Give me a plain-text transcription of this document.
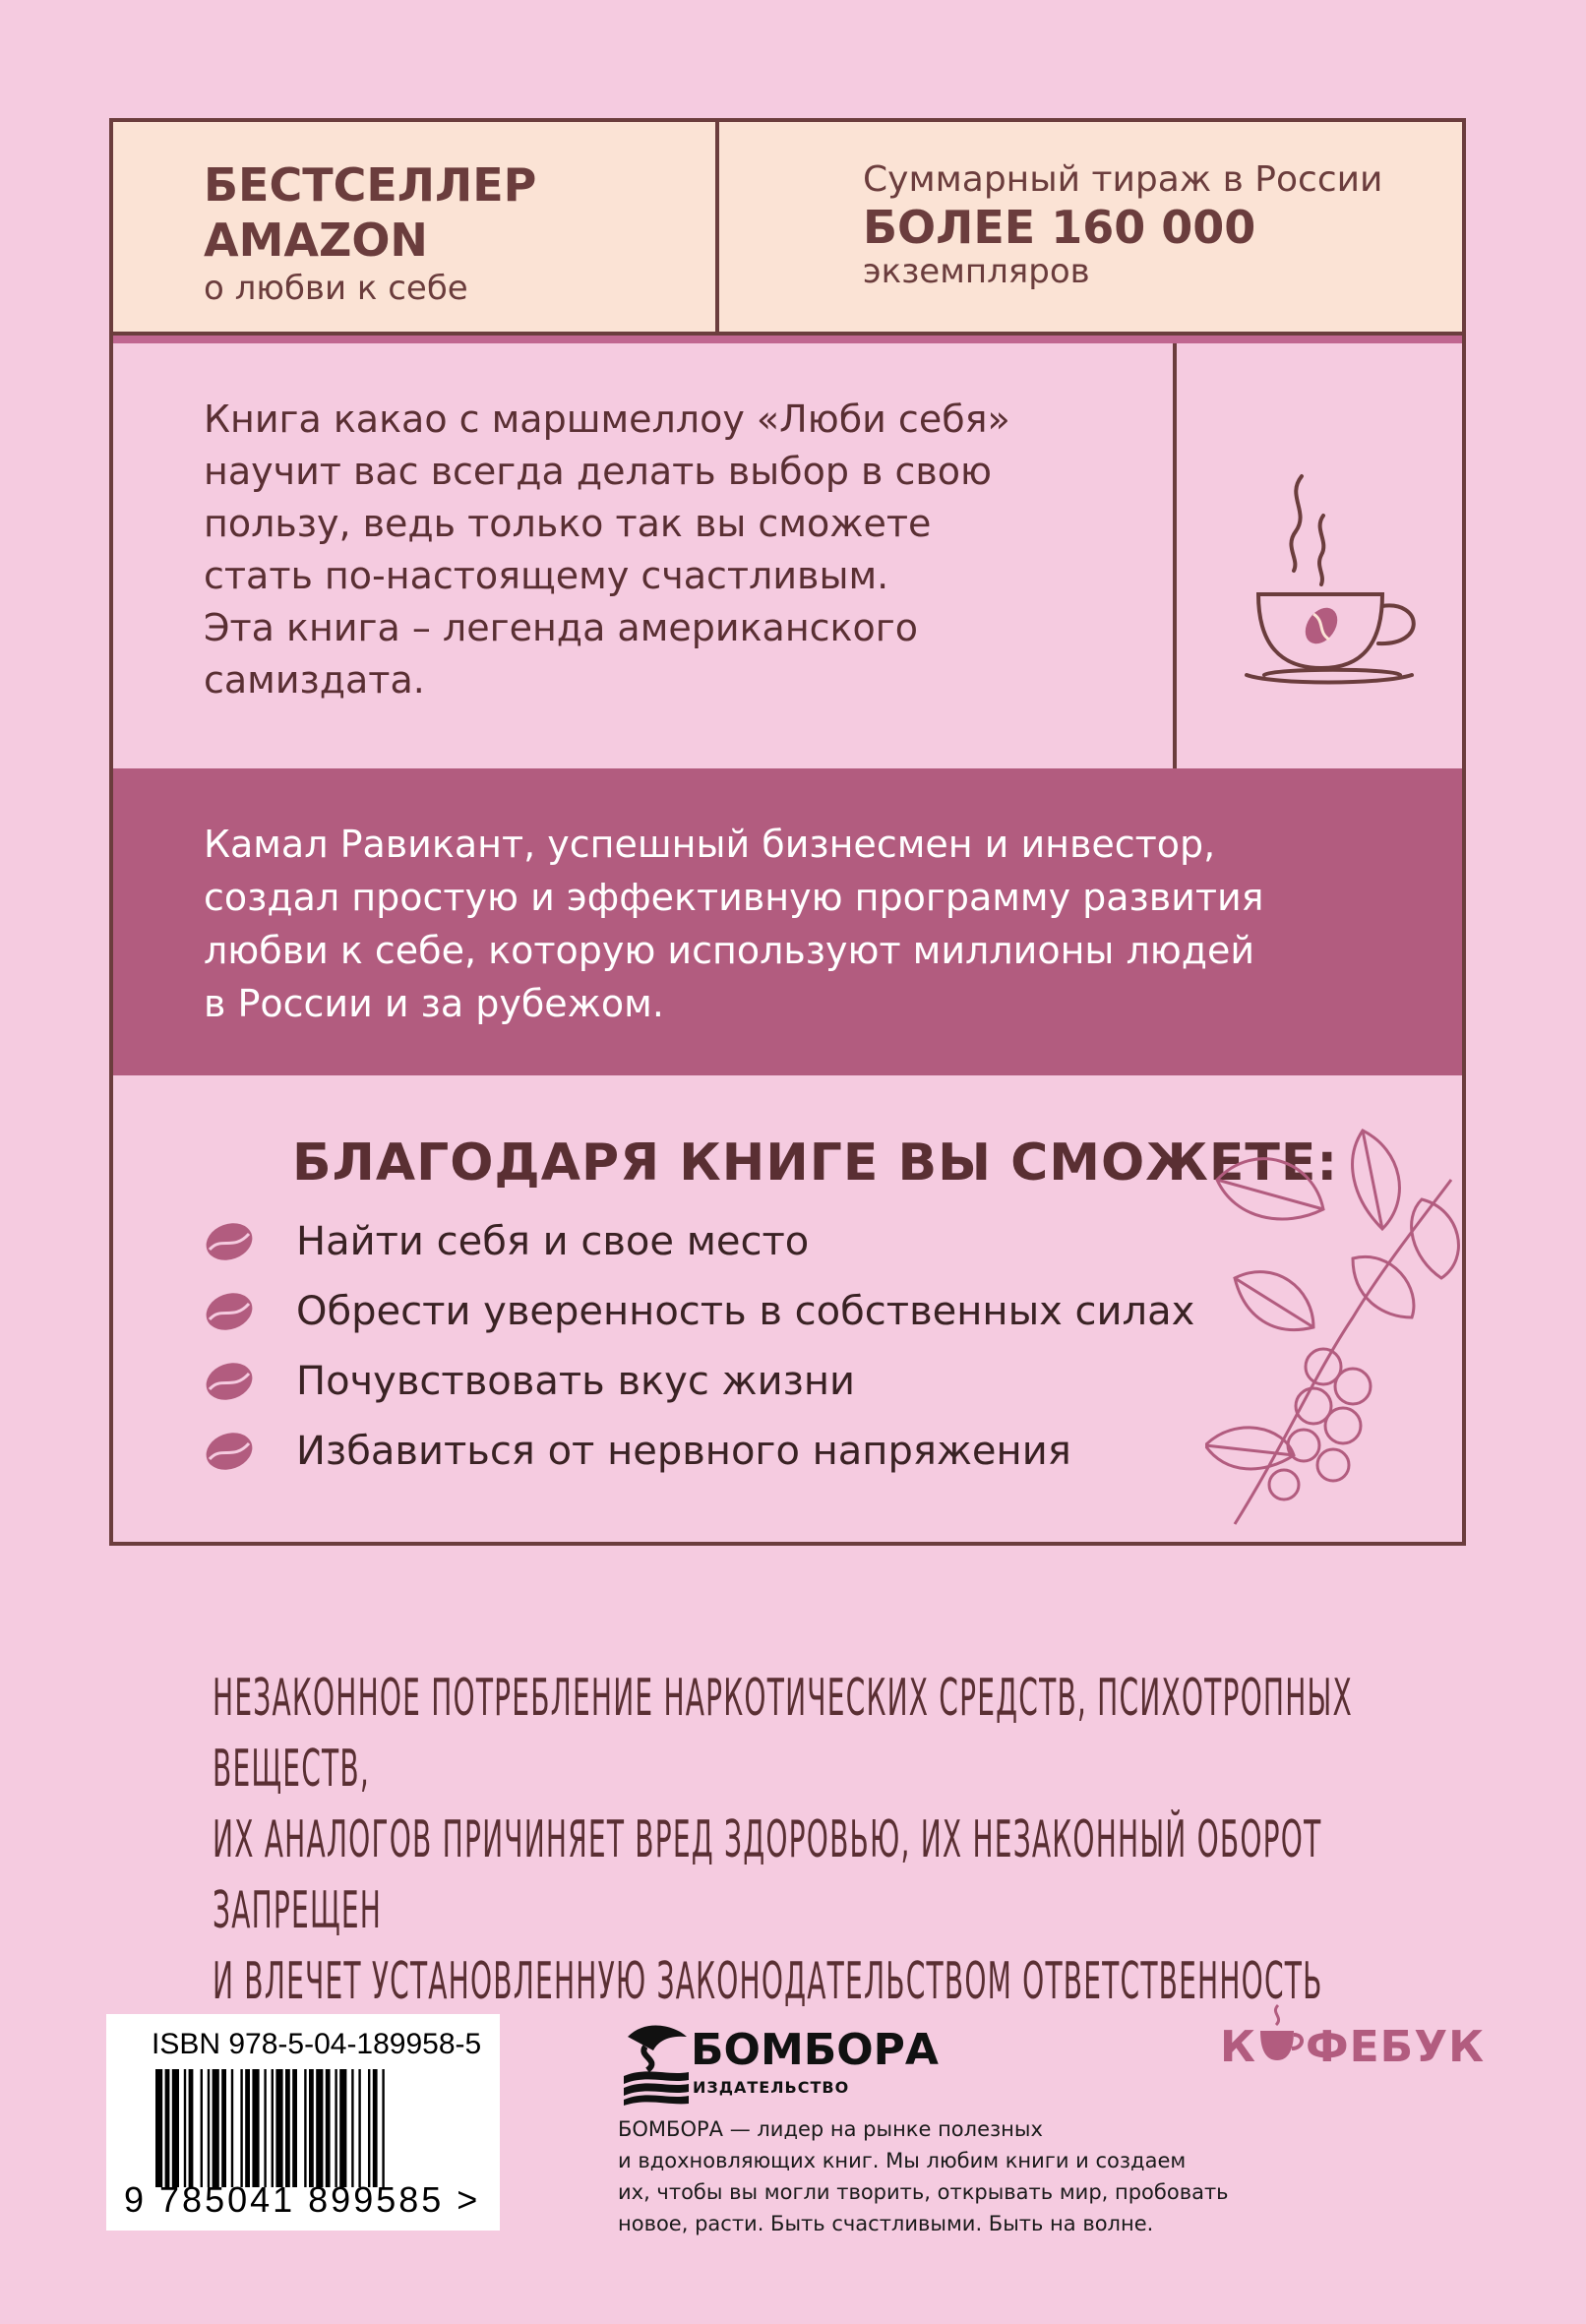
БЕСТСЕЛЛЕР
AMAZON
о любви к себе
Суммарный тираж в России
БОЛЕЕ 160 000
экземпляров
Книга какао с маршмеллоу «Люби себя»
научит вас всегда делать выбор в свою
пользу, ведь только так вы сможете
стать по-настоящему счастливым.
Эта книга – легенда американского
самиздата.
Камал Равикант, успешный бизнесмен и инвестор,
создал простую и эффективную программу развития
любви к себе, которую используют миллионы людей
в России и за рубежом.
БЛАГОДАРЯ КНИГЕ ВЫ СМОЖЕТЕ:
Найти себя и свое место
Обрести уверенность в собственных силах
Почувствовать вкус жизни
Избавиться от нервного напряжения
НЕЗАКОННОЕ ПОТРЕБЛЕНИЕ НАРКОТИЧЕСКИХ СРЕДСТВ, ПСИХОТРОПНЫХ ВЕЩЕСТВ,
ИХ АНАЛОГОВ ПРИЧИНЯЕТ ВРЕД ЗДОРОВЬЮ, ИХ НЕЗАКОННЫЙ ОБОРОТ ЗАПРЕЩЕН
И ВЛЕЧЕТ УСТАНОВЛЕННУЮ ЗАКОНОДАТЕЛЬСТВОМ ОТВЕТСТВЕННОСТЬ
ISBN 978-5-04-189958-5
9 785041 899585 >
БОМБОРА
ИЗДАТЕЛЬСТВО
БОМБОРА — лидер на рынке полезных
и вдохновляющих книг. Мы любим книги и создаем
их, чтобы вы могли творить, открывать мир, пробовать
новое, расти. Быть счастливыми. Быть на волне.
К ФЕБУК
